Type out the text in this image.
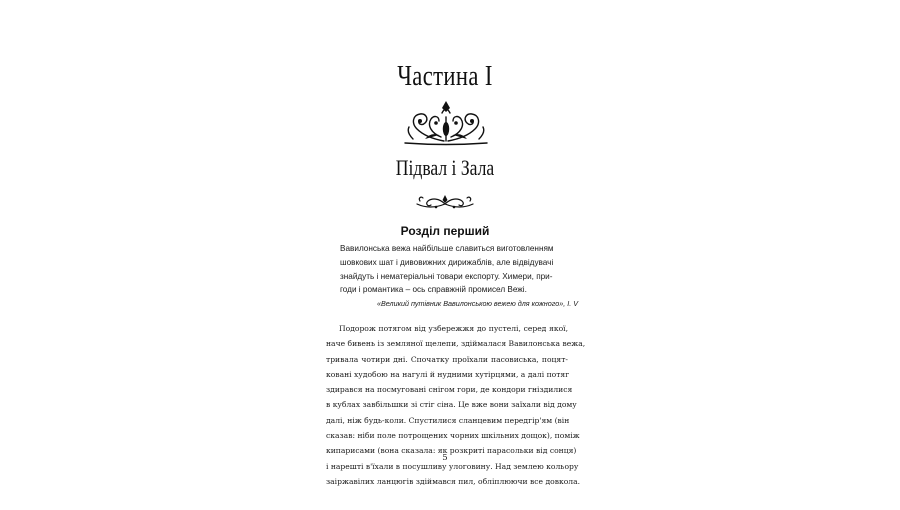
Частина I
Підвал і Зала
Розділ перший
Вавилонська вежа найбільше славиться виготовленням
шовкових шат і дивовижних дирижаблів, але відвідувачі
знайдуть і нематеріальні товари експорту. Химери, при-
годи і романтика – ось справжній промисел Вежі.
«Великий путівник Вавилонською вежею для кожного», I. V
Подорож потягом від узбережжя до пустелі, серед якої,
наче бивень із земляної щелепи, здіймалася Вавилонська вежа,
тривала чотири дні. Спочатку проїхали пасовиська, поцят-
ковані худобою на нагулі й нудними хутірцями, а далі потяг
здирався на посмуговані снігом гори, де кондори гніздилися
в кублах завбільшки зі стіг сіна. Це вже вони заїхали від дому
далі, ніж будь-коли. Спустилися сланцевим передгір'ям (він
сказав: ніби поле потрощених чорних шкільних дощок), поміж
кипарисами (вона сказала: як розкриті парасольки від сонця)
і нарешті в'їхали в посушливу улоговину. Над землею кольору
заіржавілих ланцюгів здіймався пил, обліплюючи все довкола.
5
